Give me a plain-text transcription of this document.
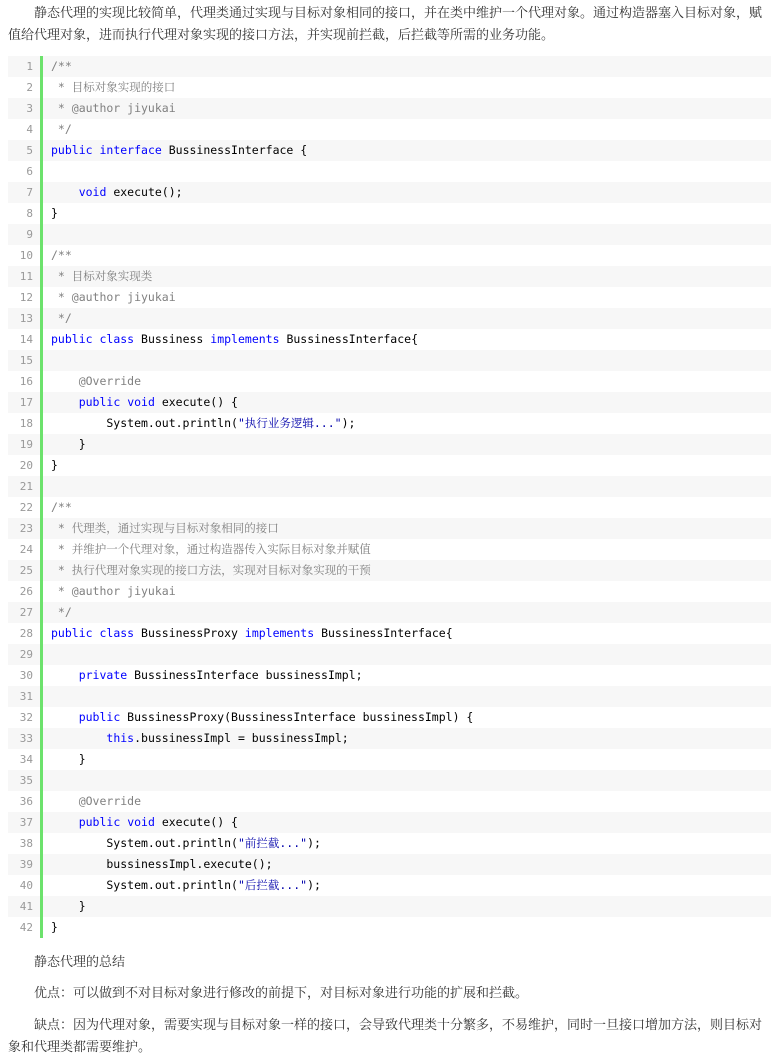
静态代理的实现比较简单，代理类通过实现与目标对象相同的接口，并在类中维护一个代理对象。通过构造器塞入目标对象，赋值给代理对象，进而执行代理对象实现的接口方法，并实现前拦截，后拦截等所需的业务功能。

1 /**
2 * 目标对象实现的接口
3 * @author jiyukai
4 */
5 public interface BussinessInterface {
6
7	void execute();
8 }
9
10 /**
11 * 目标对象实现类
12 * @author jiyukai
13 */
14 public class Bussiness implements BussinessInterface{
15
16	@Override
17	public void execute() {
18 System.out.println("执行业务逻辑...");
19 }
20 }
21
22 /**
23 * 代理类，通过实现与目标对象相同的接口
24 * 并维护一个代理对象，通过构造器传入实际目标对象并赋值
25 * 执行代理对象实现的接口方法，实现对目标对象实现的干预
26 * @author jiyukai
27 */
28 public class BussinessProxy implements BussinessInterface{
29
30	private BussinessInterface bussinessImpl;
31
32	public BussinessProxy(BussinessInterface bussinessImpl) {
33	this.bussinessImpl = bussinessImpl;
34 }
35
36	@Override
37	public void execute() {
38 System.out.println("前拦截...");
39 bussinessImpl.execute();
40 System.out.println("后拦截...");
41 }
42 }

静态代理的总结

优点：可以做到不对目标对象进行修改的前提下，对目标对象进行功能的扩展和拦截。

缺点：因为代理对象，需要实现与目标对象一样的接口，会导致代理类十分繁多，不易维护，同时一旦接口增加方法，则目标对象和代理类都需要维护。
